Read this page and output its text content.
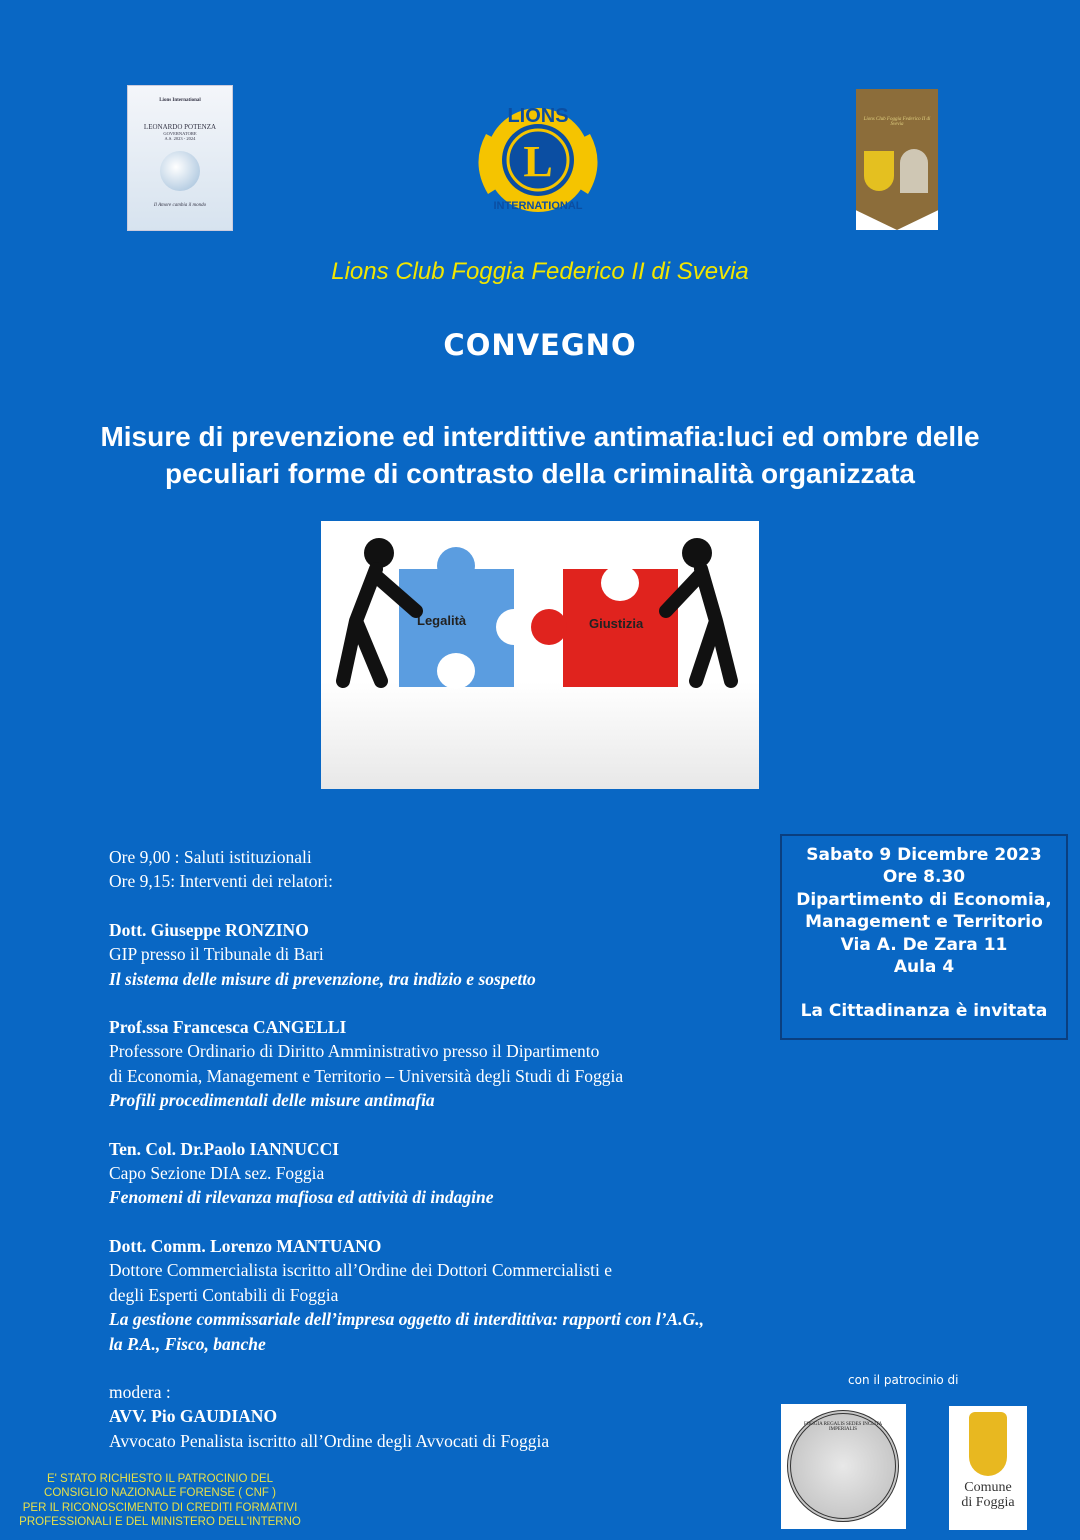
Lions International
LEONARDO POTENZA
GOVERNATORE
A.S. 2023 - 2024
Il Amore cambia il mondo
L
LIONS
INTERNATIONAL
Lions Club Foggia Federico II di Svevia
Lions Club Foggia Federico II di Svevia
CONVEGNO
Misure di prevenzione ed interdittive antimafia:luci ed ombre delle
peculiari forme di contrasto della criminalità organizzata
Legalità	Giustizia
Ore 9,00 : Saluti istituzionali
Ore 9,15: Interventi dei relatori:
Dott. Giuseppe RONZINO
GIP presso il Tribunale di Bari
Il sistema delle misure di prevenzione, tra indizio e sospetto
Prof.ssa Francesca CANGELLI
Professore Ordinario di Diritto Amministrativo presso il Dipartimento
di Economia, Management e Territorio – Università degli Studi di Foggia
Profili procedimentali delle misure antimafia
Ten. Col. Dr.Paolo IANNUCCI
Capo Sezione DIA sez. Foggia
Fenomeni di rilevanza mafiosa ed attività di indagine
Dott. Comm. Lorenzo MANTUANO
Dottore Commercialista iscritto all’Ordine dei Dottori Commercialisti e
degli Esperti Contabili di Foggia
La gestione commissariale dell’impresa oggetto di interdittiva: rapporti con l’A.G.,
la P.A., Fisco, banche
modera :
AVV. Pio GAUDIANO
Avvocato Penalista iscritto all’Ordine degli Avvocati di Foggia
Sabato 9 Dicembre 2023
Ore 8.30
Dipartimento di Economia,
Management e Territorio
Via A. De Zara 11
Aula 4
La Cittadinanza è invitata
E' STATO RICHIESTO IL PATROCINIO DEL
CONSIGLIO NAZIONALE FORENSE ( CNF )
PER IL RICONOSCIMENTO DI CREDITI FORMATIVI
PROFESSIONALI E DEL MINISTERO DELL'INTERNO
con il patrocinio di
FOGGIA REGALIS SEDES INCLITA IMPERIALIS
Comune
di Foggia
